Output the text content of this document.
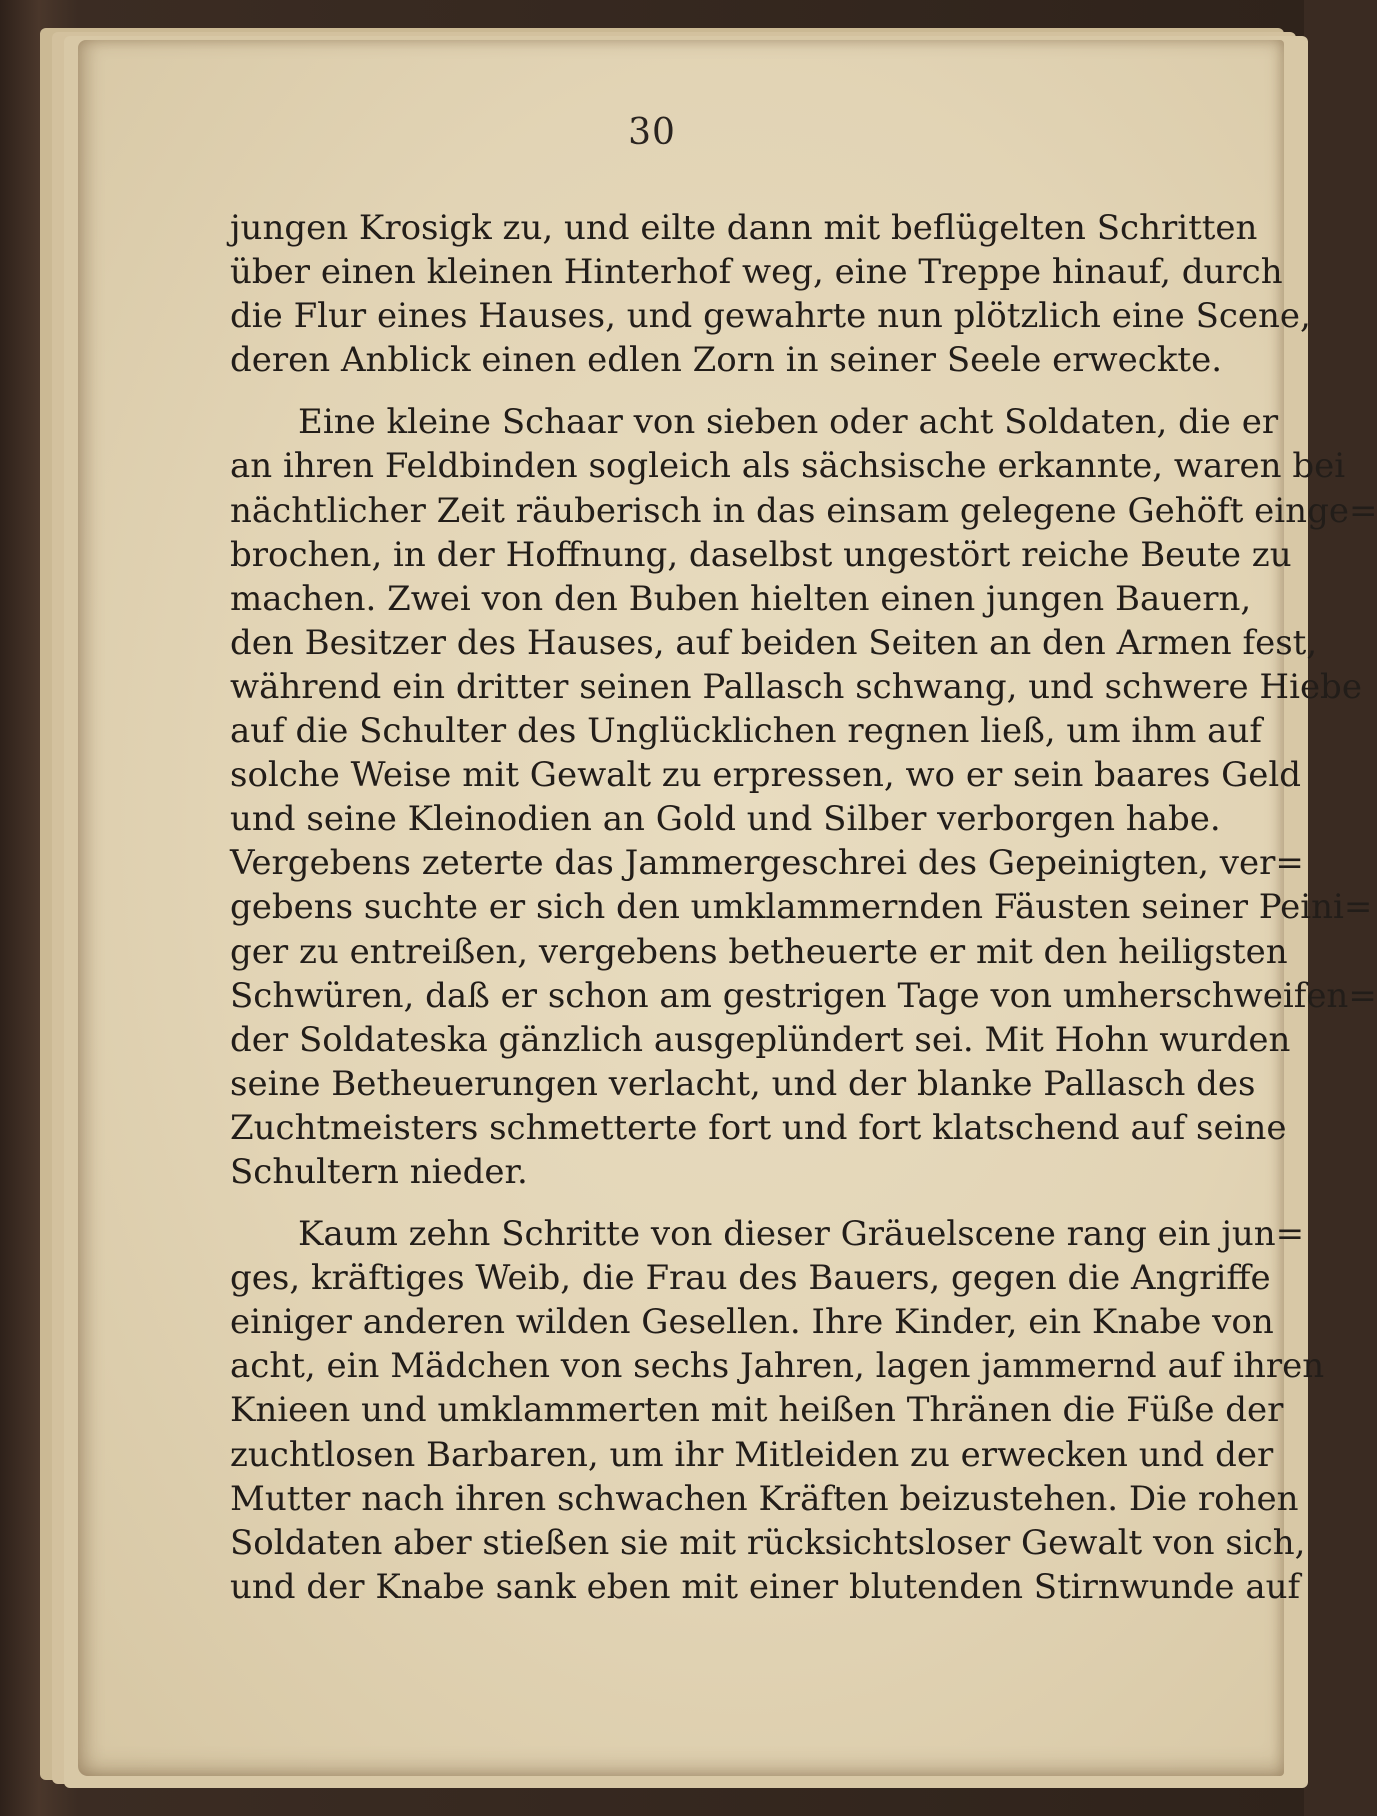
30
jungen Krosigk zu, und eilte dann mit beflügelten Schritten
über einen kleinen Hinterhof weg, eine Treppe hinauf, durch
die Flur eines Hauses, und gewahrte nun plötzlich eine Scene,
deren Anblick einen edlen Zorn in seiner Seele erweckte.
Eine kleine Schaar von sieben oder acht Soldaten, die er
an ihren Feldbinden sogleich als sächsische erkannte, waren bei
nächtlicher Zeit räuberisch in das einsam gelegene Gehöft einge=
brochen, in der Hoffnung, daselbst ungestört reiche Beute zu
machen. Zwei von den Buben hielten einen jungen Bauern,
den Besitzer des Hauses, auf beiden Seiten an den Armen fest,
während ein dritter seinen Pallasch schwang, und schwere Hiebe
auf die Schulter des Unglücklichen regnen ließ, um ihm auf
solche Weise mit Gewalt zu erpressen, wo er sein baares Geld
und seine Kleinodien an Gold und Silber verborgen habe.
Vergebens zeterte das Jammergeschrei des Gepeinigten, ver=
gebens suchte er sich den umklammernden Fäusten seiner Peini=
ger zu entreißen, vergebens betheuerte er mit den heiligsten
Schwüren, daß er schon am gestrigen Tage von umherschweifen=
der Soldateska gänzlich ausgeplündert sei. Mit Hohn wurden
seine Betheuerungen verlacht, und der blanke Pallasch des
Zuchtmeisters schmetterte fort und fort klatschend auf seine
Schultern nieder.
Kaum zehn Schritte von dieser Gräuelscene rang ein jun=
ges, kräftiges Weib, die Frau des Bauers, gegen die Angriffe
einiger anderen wilden Gesellen. Ihre Kinder, ein Knabe von
acht, ein Mädchen von sechs Jahren, lagen jammernd auf ihren
Knieen und umklammerten mit heißen Thränen die Füße der
zuchtlosen Barbaren, um ihr Mitleiden zu erwecken und der
Mutter nach ihren schwachen Kräften beizustehen. Die rohen
Soldaten aber stießen sie mit rücksichtsloser Gewalt von sich,
und der Knabe sank eben mit einer blutenden Stirnwunde auf
